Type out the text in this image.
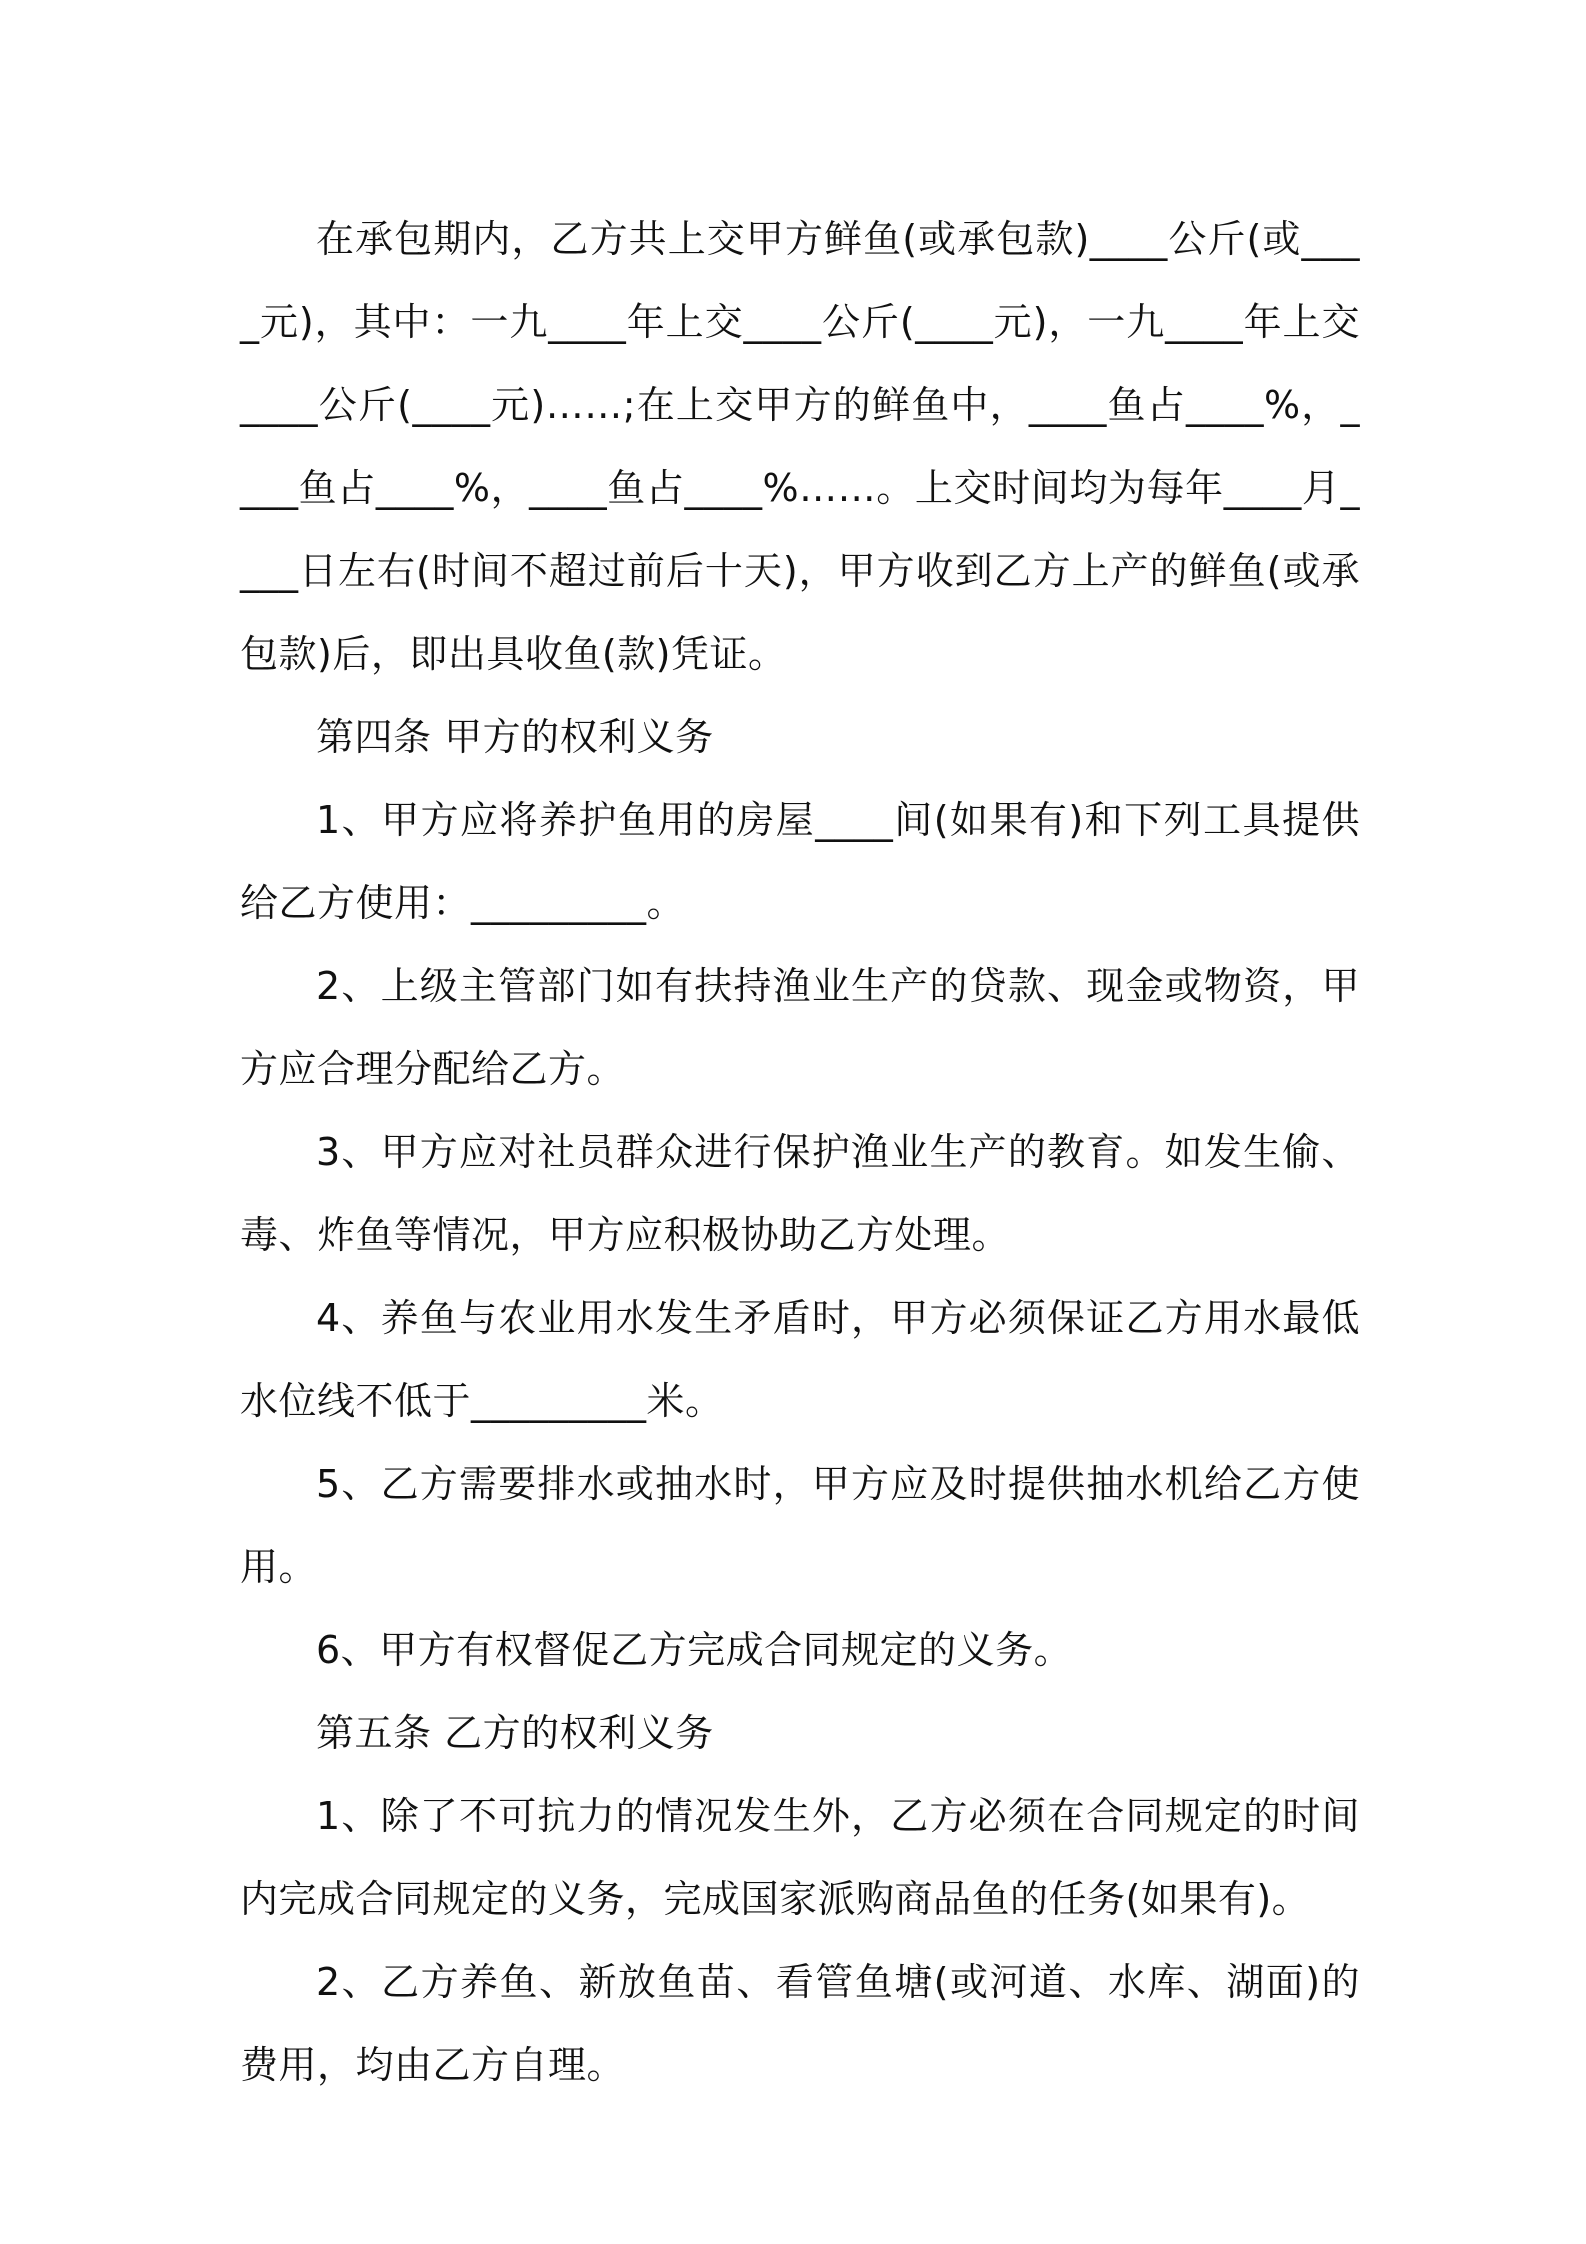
在承包期内，乙方共上交甲方鲜鱼(或承包款)____公斤(或____元)，其中：一九____年上交____公斤(____元)，一九____年上交____公斤(____元)……;在上交甲方的鲜鱼中，____鱼占____%，____鱼占____%，____鱼占____%……。上交时间均为每年____月____日左右(时间不超过前后十天)，甲方收到乙方上产的鲜鱼(或承包款)后，即出具收鱼(款)凭证。

第四条 甲方的权利义务

1、甲方应将养护鱼用的房屋____间(如果有)和下列工具提供给乙方使用：_________。

2、上级主管部门如有扶持渔业生产的贷款、现金或物资，甲方应合理分配给乙方。

3、甲方应对社员群众进行保护渔业生产的教育。如发生偷、毒、炸鱼等情况，甲方应积极协助乙方处理。

4、养鱼与农业用水发生矛盾时，甲方必须保证乙方用水最低水位线不低于_________米。

5、乙方需要排水或抽水时，甲方应及时提供抽水机给乙方使用。

6、甲方有权督促乙方完成合同规定的义务。

第五条 乙方的权利义务

1、除了不可抗力的情况发生外，乙方必须在合同规定的时间内完成合同规定的义务，完成国家派购商品鱼的任务(如果有)。

2、乙方养鱼、新放鱼苗、看管鱼塘(或河道、水库、湖面)的费用，均由乙方自理。
